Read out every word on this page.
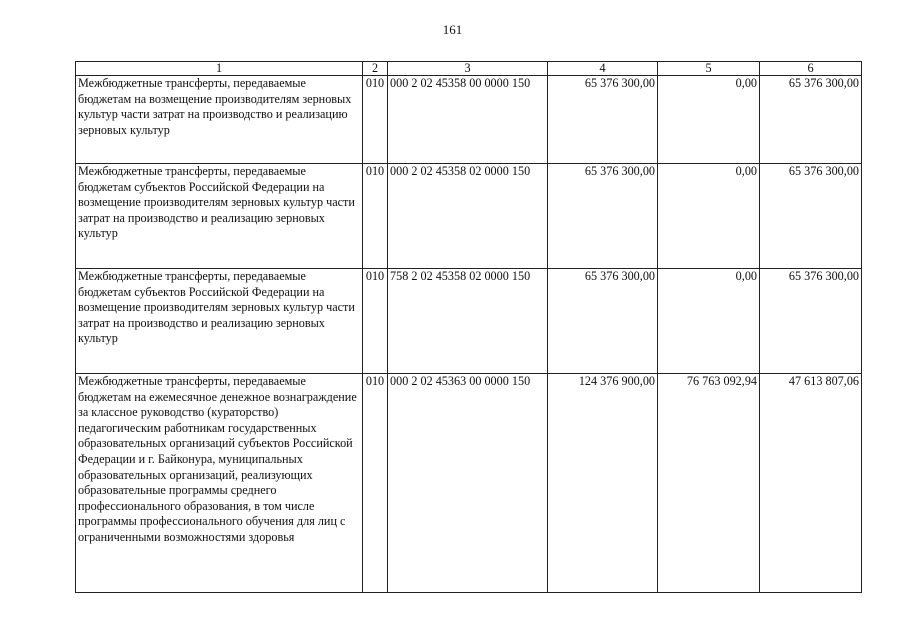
161
1	2	3	4	5	6
Межбюджетные трансферты, передаваемые бюджетам на возмещение производителям зерновых культур части затрат на производство и реализацию зерновых культур	010	000 2 02 45358 00 0000 150	65 376 300,00	0,00	65 376 300,00
Межбюджетные трансферты, передаваемые бюджетам субъектов Российской Федерации на возмещение производителям зерновых культур части затрат на производство и реализацию зерновых культур	010	000 2 02 45358 02 0000 150	65 376 300,00	0,00	65 376 300,00
Межбюджетные трансферты, передаваемые бюджетам субъектов Российской Федерации на возмещение производителям зерновых культур части затрат на производство и реализацию зерновых культур	010	758 2 02 45358 02 0000 150	65 376 300,00	0,00	65 376 300,00
Межбюджетные трансферты, передаваемые бюджетам на ежемесячное денежное вознаграждение за классное руководство (кураторство) педагогическим работникам государственных образовательных организаций субъектов Российской Федерации и г. Байконура, муниципальных образовательных организаций, реализующих образовательные программы среднего профессионального образования, в том числе программы профессионального обучения для лиц с ограниченными возможностями здоровья	010	000 2 02 45363 00 0000 150	124 376 900,00	76 763 092,94	47 613 807,06
